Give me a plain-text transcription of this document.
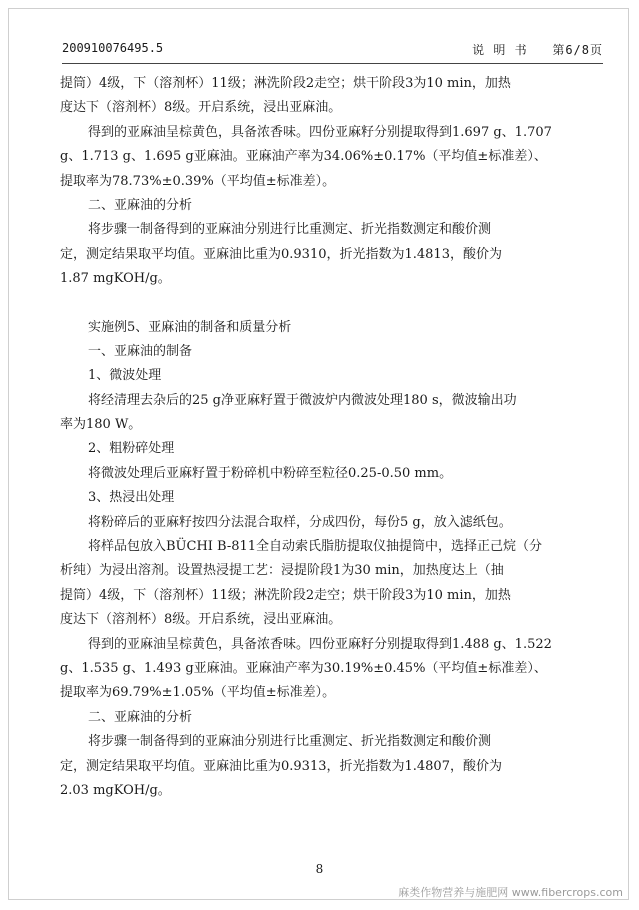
200910076495.5	说 明 书 第6/8页
提筒）4级，下（溶剂杯）11级；淋洗阶段2走空；烘干阶段3为10 min，加热
度达下（溶剂杯）8级。开启系统，浸出亚麻油。
得到的亚麻油呈棕黄色，具备浓香味。四份亚麻籽分别提取得到1.697 g、1.707
g、1.713 g、1.695 g亚麻油。亚麻油产率为34.06%±0.17%（平均值±标准差）、
提取率为78.73%±0.39%（平均值±标准差）。
二、亚麻油的分析
将步骤一制备得到的亚麻油分别进行比重测定、折光指数测定和酸价测
定，测定结果取平均值。亚麻油比重为0.9310，折光指数为1.4813，酸价为
1.87 mgKOH/g。
实施例5、亚麻油的制备和质量分析
一、亚麻油的制备
1、微波处理
将经清理去杂后的25 g净亚麻籽置于微波炉内微波处理180 s，微波输出功
率为180 W。
2、粗粉碎处理
将微波处理后亚麻籽置于粉碎机中粉碎至粒径0.25-0.50 mm。
3、热浸出处理
将粉碎后的亚麻籽按四分法混合取样，分成四份，每份5 g，放入滤纸包。
将样品包放入BÜCHI B-811全自动索氏脂肪提取仪抽提筒中，选择正己烷（分
析纯）为浸出溶剂。设置热浸提工艺：浸提阶段1为30 min，加热度达上（抽
提筒）4级，下（溶剂杯）11级；淋洗阶段2走空；烘干阶段3为10 min，加热
度达下（溶剂杯）8级。开启系统，浸出亚麻油。
得到的亚麻油呈棕黄色，具备浓香味。四份亚麻籽分别提取得到1.488 g、1.522
g、1.535 g、1.493 g亚麻油。亚麻油产率为30.19%±0.45%（平均值±标准差）、
提取率为69.79%±1.05%（平均值±标准差）。
二、亚麻油的分析
将步骤一制备得到的亚麻油分别进行比重测定、折光指数测定和酸价测
定，测定结果取平均值。亚麻油比重为0.9313，折光指数为1.4807，酸价为
2.03 mgKOH/g。
8
麻类作物营养与施肥网 www.fibercrops.com
